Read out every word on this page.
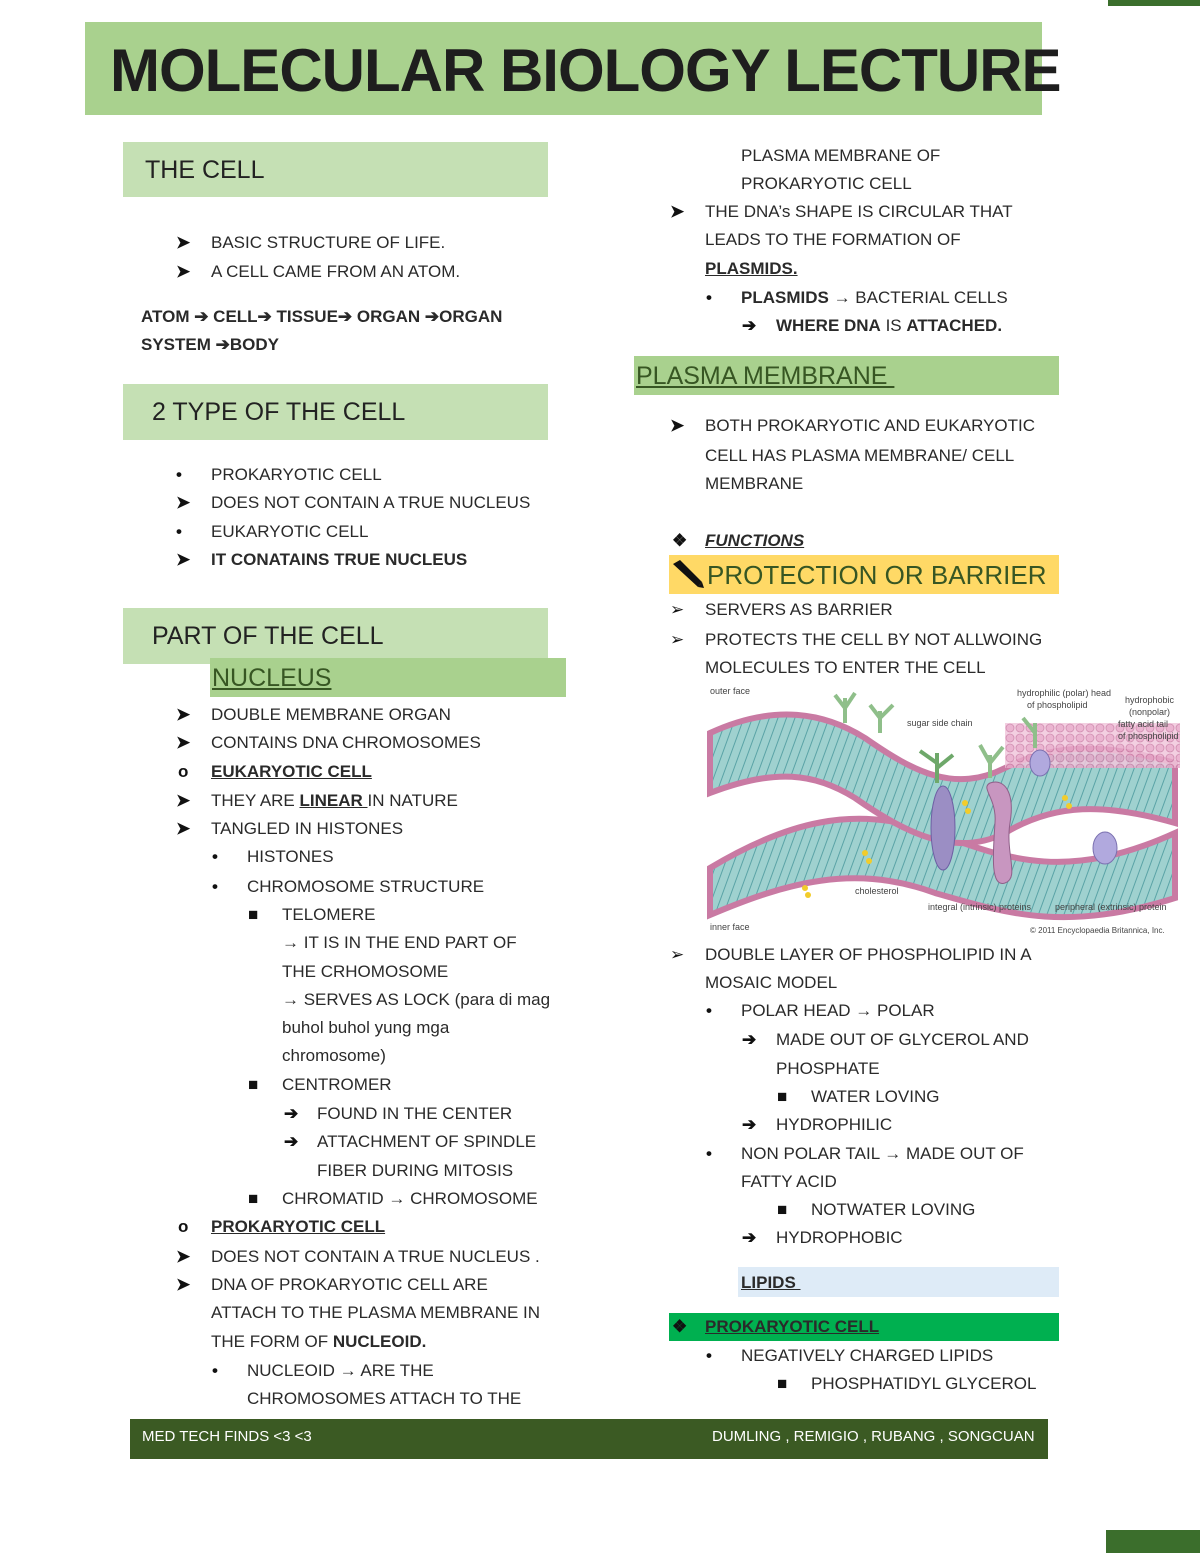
MOLECULAR BIOLOGY LECTURE
THE CELL
➤ BASIC STRUCTURE OF LIFE.
➤ A CELL CAME FROM AN ATOM.
ATOM ➔ CELL➔ TISSUE➔ ORGAN ➔ORGAN
SYSTEM ➔BODY
2 TYPE OF THE CELL
• PROKARYOTIC CELL
➤ DOES NOT CONTAIN A TRUE NUCLEUS
• EUKARYOTIC CELL
➤ IT CONATAINS TRUE NUCLEUS
PART OF THE CELL
NUCLEUS
➤ DOUBLE MEMBRANE ORGAN
➤ CONTAINS DNA CHROMOSOMES
o EUKARYOTIC CELL
➤ THEY ARE LINEAR IN NATURE
➤ TANGLED IN HISTONES
• HISTONES
• CHROMOSOME STRUCTURE
■ TELOMERE
→ IT IS IN THE END PART OF
THE CRHOMOSOME
→ SERVES AS LOCK (para di mag
buhol buhol yung mga
chromosome)
■ CENTROMER
➔ FOUND IN THE CENTER
➔ ATTACHMENT OF SPINDLE
FIBER DURING MITOSIS
■ CHROMATID → CHROMOSOME
o PROKARYOTIC CELL
➤ DOES NOT CONTAIN A TRUE NUCLEUS .
➤ DNA OF PROKARYOTIC CELL ARE
ATTACH TO THE PLASMA MEMBRANE IN
THE FORM OF NUCLEOID.
• NUCLEOID → ARE THE
CHROMOSOMES ATTACH TO THE
PLASMA MEMBRANE OF
PROKARYOTIC CELL
➤ THE DNA’s SHAPE IS CIRCULAR THAT
LEADS TO THE FORMATION OF
PLASMIDS.
• PLASMIDS → BACTERIAL CELLS
➔ WHERE DNA IS ATTACHED.
PLASMA MEMBRANE
➤ BOTH PROKARYOTIC AND EUKARYOTIC
CELL HAS PLASMA MEMBRANE/ CELL
MEMBRANE
❖ FUNCTIONS
PROTECTION OR BARRIER
➢ SERVERS AS BARRIER
➢ PROTECTS THE CELL BY NOT ALLWOING
MOLECULES TO ENTER THE CELL
outer face
sugar side chain
hydrophilic (polar) head
of phospholipid	hydrophobic
(nonpolar)
fatty acid tail
of phospholipid
cholesterol
integral (intrinsic) proteins	peripheral (extrinsic) protein
inner face	© 2011 Encyclopaedia Britannica, Inc.
➢ DOUBLE LAYER OF PHOSPHOLIPID IN A
MOSAIC MODEL
• POLAR HEAD → POLAR
➔ MADE OUT OF GLYCEROL AND
PHOSPHATE
■ WATER LOVING
➔ HYDROPHILIC
• NON POLAR TAIL → MADE OUT OF
FATTY ACID
■ NOTWATER LOVING
➔ HYDROPHOBIC
LIPIDS
❖ PROKARYOTIC CELL
• NEGATIVELY CHARGED LIPIDS
■ PHOSPHATIDYL GLYCEROL
MED TECH FINDS <3 <3	DUMLING , REMIGIO , RUBANG , SONGCUAN
